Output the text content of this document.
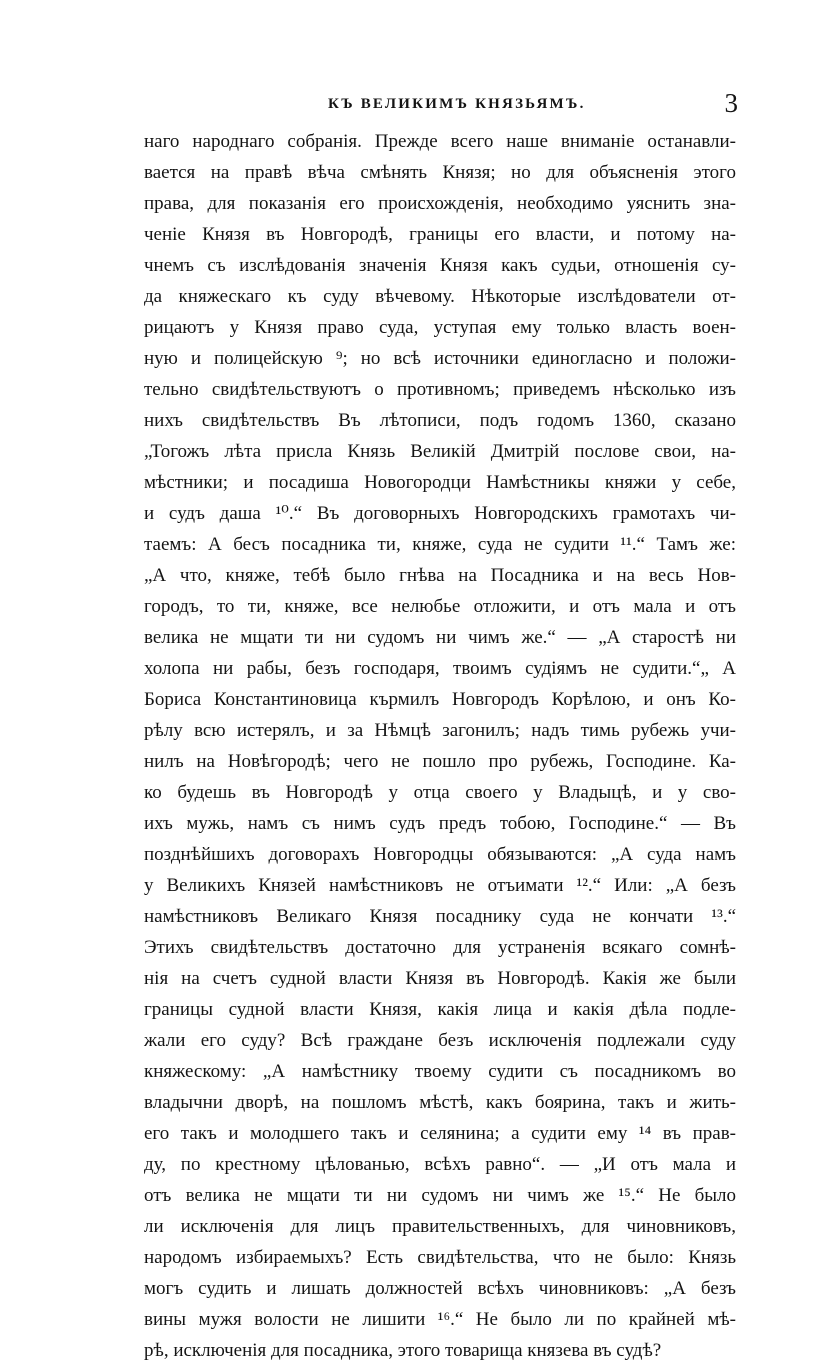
КЪ ВЕЛИКИМЪ КНЯЗЬЯМЪ.	3
наго народнаго собранія. Прежде всего наше вниманіе останавли-
вается на правѣ вѣча смѣнять Князя; но для объясненія этого
права, для показанія его происхожденія, необходимо уяснить зна-
ченіе Князя въ Новгородѣ, границы его власти, и потому на-
чнемъ съ изслѣдованія значенія Князя какъ судьи, отношенія су-
да княжескаго къ суду вѣчевому. Нѣкоторые изслѣдователи от-
рицаютъ у Князя право суда, уступая ему только власть воен-
ную и полицейскую ⁹; но всѣ источники единогласно и положи-
тельно свидѣтельствуютъ о противномъ; приведемъ нѣсколько изъ
нихъ свидѣтельствъ Въ лѣтописи, подъ годомъ 1360, сказано
„Тогожъ лѣта присла Князь Великій Дмитрій послове свои, на-
мѣстники; и посадиша Новогородци Намѣстникы княжи у себе,
и судъ даша ¹⁰.“ Въ договорныхъ Новгородскихъ грамотахъ чи-
таемъ: А бесъ посадника ти, княже, суда не судити ¹¹.“ Тамъ же:
„А что, княже, тебѣ было гнѣва на Посадника и на весь Нов-
городъ, то ти, княже, все нелюбье отложити, и отъ мала и отъ
велика не мщати ти ни судомъ ни чимъ же.“ — „А старостѣ ни
холопа ни рабы, безъ господаря, твоимъ судіямъ не судити.“„ А
Бориса Константиновица кърмилъ Новгородъ Корѣлою, и онъ Ко-
рѣлу всю истерялъ, и за Нѣмцѣ загонилъ; надъ тимь рубежь учи-
нилъ на Новѣгородѣ; чего не пошло про рубежь, Господине. Ка-
ко будешь въ Новгородѣ у отца своего у Владыцѣ, и у сво-
ихъ мужь, намъ съ нимъ судъ предъ тобою, Господине.“ — Въ
позднѣйшихъ договорахъ Новгородцы обязываются: „А суда намъ
у Великихъ Князей намѣстниковъ не отъимати ¹².“ Или: „А безъ
намѣстниковъ Великаго Князя посаднику суда не кончати ¹³.“
Этихъ свидѣтельствъ достаточно для устраненія всякаго сомнѣ-
нія на счетъ судной власти Князя въ Новгородѣ. Какія же были
границы судной власти Князя, какія лица и какія дѣла подле-
жали его суду? Всѣ граждане безъ исключенія подлежали суду
княжескому: „А намѣстнику твоему судити съ посадникомъ во
владычни дворѣ, на пошломъ мѣстѣ, какъ боярина, такъ и жить-
его такъ и молодшего такъ и селянина; а судити ему ¹⁴ въ прав-
ду, по крестному цѣлованью, всѣхъ равно“. — „И отъ мала и
отъ велика не мщати ти ни судомъ ни чимъ же ¹⁵.“ Не было
ли исключенія для лицъ правительственныхъ, для чиновниковъ,
народомъ избираемыхъ? Есть свидѣтельства, что не было: Князь
могъ судить и лишать должностей всѣхъ чиновниковъ: „А безъ
вины мужя волости не лишити ¹⁶.“ Не было ли по крайней мѣ-
рѣ, исключенія для посадника, этого товарища князева въ судѣ?
